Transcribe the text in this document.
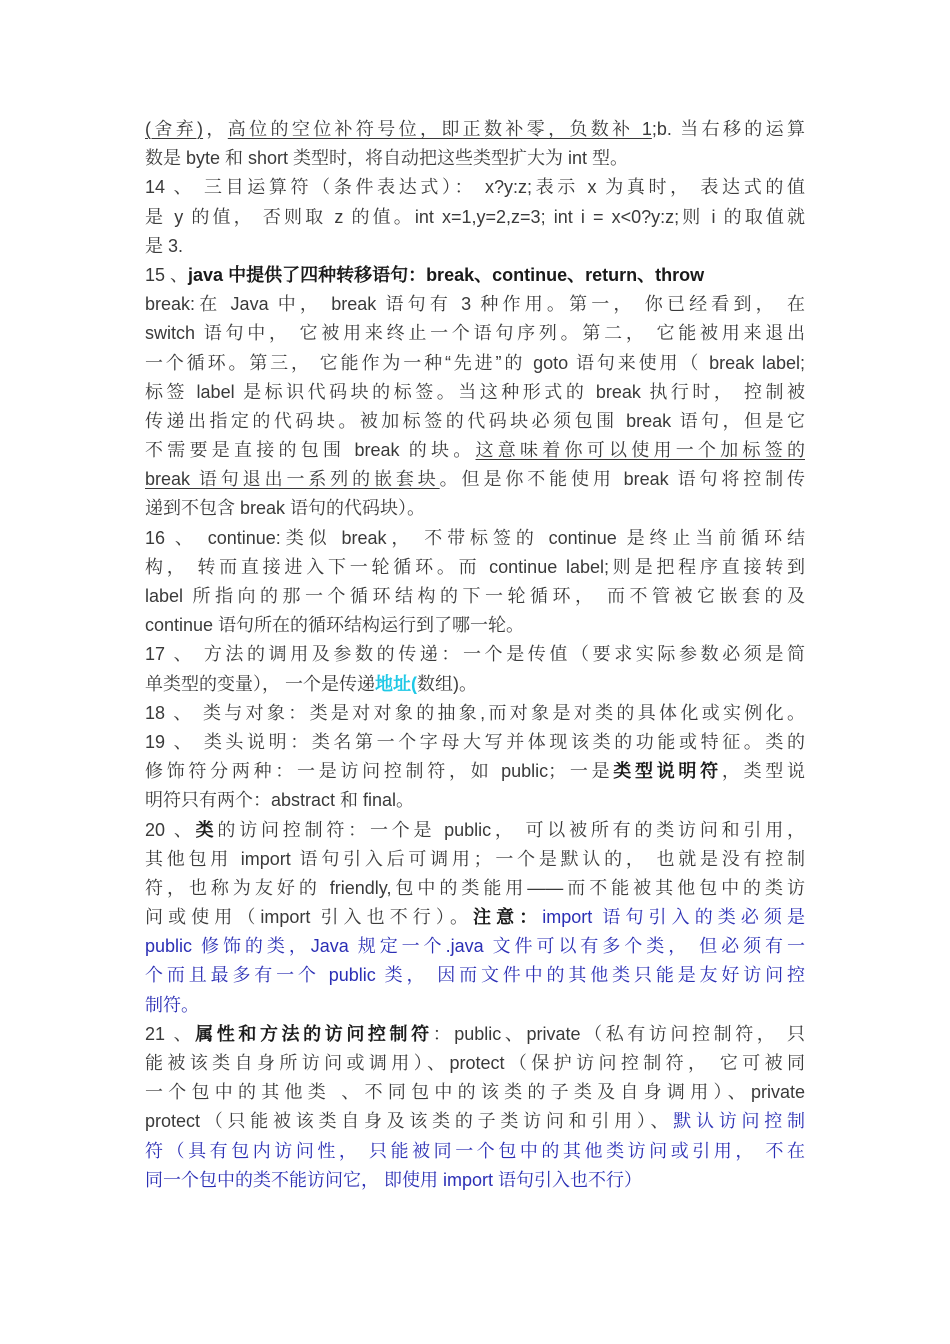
(舍弃)，高位的空位补符号位，即正数补零，负数补 1;b. 当右移的运算
数是 byte 和 short 类型时，将自动把这些类型扩大为 int 型。
14 、 三目运算符（条件表达式）： x?y:z;表示 x 为真时， 表达式的值
是 y 的值， 否则取 z 的值。int x=1,y=2,z=3; int i = x<0?y:z;则 i 的取值就
是 3.
15 、java 中提供了四种转移语句：break、continue、return、throw
break:在 Java 中， break 语句有 3 种作用。第一， 你已经看到， 在
switch 语句中， 它被用来终止一个语句序列。第二， 它能被用来退出
一个循环。第三， 它能作为一种“先进”的 goto 语句来使用（ break label;
标签 label 是标识代码块的标签。当这种形式的 break 执行时， 控制被
传递出指定的代码块。被加标签的代码块必须包围 break 语句，但是它
不需要是直接的包围 break 的块。这意味着你可以使用一个加标签的
break 语句退出一系列的嵌套块。但是你不能使用 break 语句将控制传
递到不包含 break 语句的代码块）。
16 、 continue:类似 break， 不带标签的 continue 是终止当前循环结
构， 转而直接进入下一轮循环。而 continue label;则是把程序直接转到
label 所指向的那一个循环结构的下一轮循环， 而不管被它嵌套的及
continue 语句所在的循环结构运行到了哪一轮。
17 、 方法的调用及参数的传递：一个是传值（要求实际参数必须是简
单类型的变量）， 一个是传递地址(数组)。
18 、 类与对象：类是对对象的抽象,而对象是对类的具体化或实例化。
19 、 类头说明：类名第一个字母大写并体现该类的功能或特征。类的
修饰符分两种：一是访问控制符，如 public；一是类型说明符，类型说
明符只有两个：abstract 和 final。
20 、类的访问控制符：一个是 public， 可以被所有的类访问和引用，
其他包用 import 语句引入后可调用；一个是默认的， 也就是没有控制
符，也称为友好的 friendly,包中的类能用——而不能被其他包中的类访
问或使用（import 引入也不行）。注意：import 语句引入的类必须是
public 修饰的类，Java 规定一个.java 文件可以有多个类， 但必须有一
个而且最多有一个 public 类， 因而文件中的其他类只能是友好访问控
制符。
21 、属性和方法的访问控制符：public、private（私有访问控制符， 只
能被该类自身所访问或调用）、protect（保护访问控制符， 它可被同
一个包中的其他类 、不同包中的该类的子类及自身调用）、private
protect（只能被该类自身及该类的子类访问和引用）、默认访问控制
符（具有包内访问性， 只能被同一个包中的其他类访问或引用， 不在
同一个包中的类不能访问它， 即使用 import 语句引入也不行）
